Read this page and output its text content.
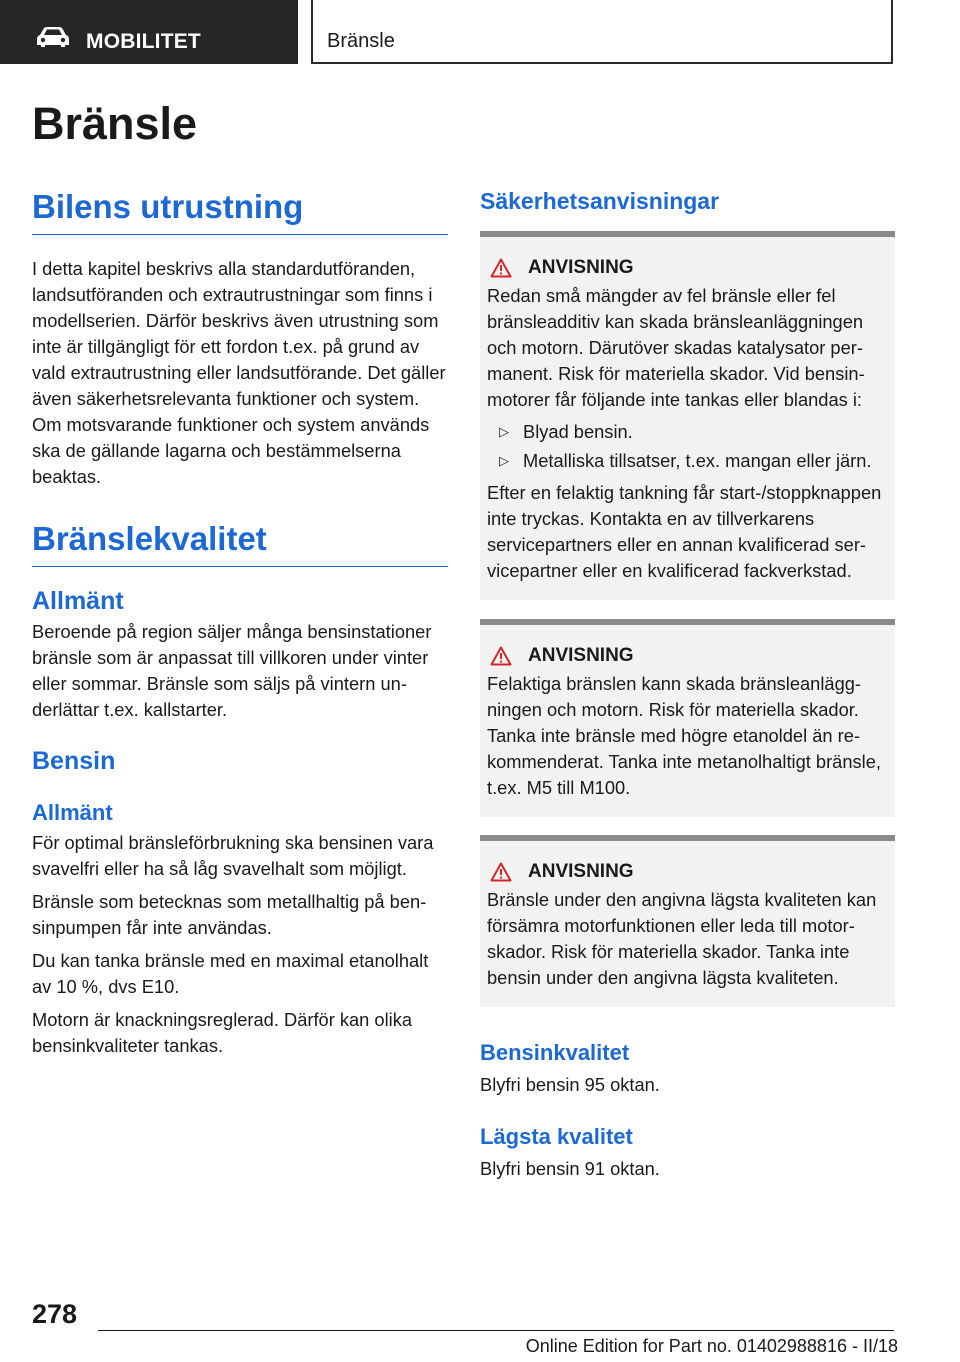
MOBILITET	Bränsle
Bränsle
Bilens utrustning

I detta kapitel beskrivs alla standardutföranden, landsutföranden och extrautrustningar som finns i modellserien. Därför beskrivs även utrustning som inte är tillgängligt för ett fordon t.ex. på grund av vald extrautrustning eller landsutförande. Det gäller även säkerhetsrelevanta funktioner och system. Om motsvarande funktioner och system används ska de gällande lagarna och bestämmelserna beaktas.

Bränslekvalitet
Allmänt

Beroende på region säljer många bensinstationer bränsle som är anpassat till villkoren under vinter eller sommar. Bränsle som säljs på vintern underlättar t.ex. kallstarter.

Bensin
Allmänt

För optimal bränsleförbrukning ska bensinen vara svavelfri eller ha så låg svavelhalt som möjligt.

Bränsle som betecknas som metallhaltig på bensinpumpen får inte användas.

Du kan tanka bränsle med en maximal etanolhalt av 10 %, dvs E10.

Motorn är knackningsreglerad. Därför kan olika bensinkvaliteter tankas.

Säkerhetsanvisningar
ANVISNING

Redan små mängder av fel bränsle eller fel bränsleadditiv kan skada bränsleanläggningen och motorn. Därutöver skadas katalysator permanent. Risk för materiella skador. Vid bensinmotorer får följande inte tankas eller blandas i:

▷ Blyad bensin.
▷ Metalliska tillsatser, t.ex. mangan eller järn.

Efter en felaktig tankning får start-/stoppknappen inte tryckas. Kontakta en av tillverkarens servicepartners eller en annan kvalificerad servicepartner eller en kvalificerad fackverkstad.

ANVISNING

Felaktiga bränslen kann skada bränsleanläggningen och motorn. Risk för materiella skador. Tanka inte bränsle med högre etanoldel än rekommenderat. Tanka inte metanolhaltigt bränsle, t.ex. M5 till M100.

ANVISNING

Bränsle under den angivna lägsta kvaliteten kan försämra motorfunktionen eller leda till motorskador. Risk för materiella skador. Tanka inte bensin under den angivna lägsta kvaliteten.

Bensinkvalitet

Blyfri bensin 95 oktan.

Lägsta kvalitet

Blyfri bensin 91 oktan.

278
Online Edition for Part no. 01402988816 - II/18
